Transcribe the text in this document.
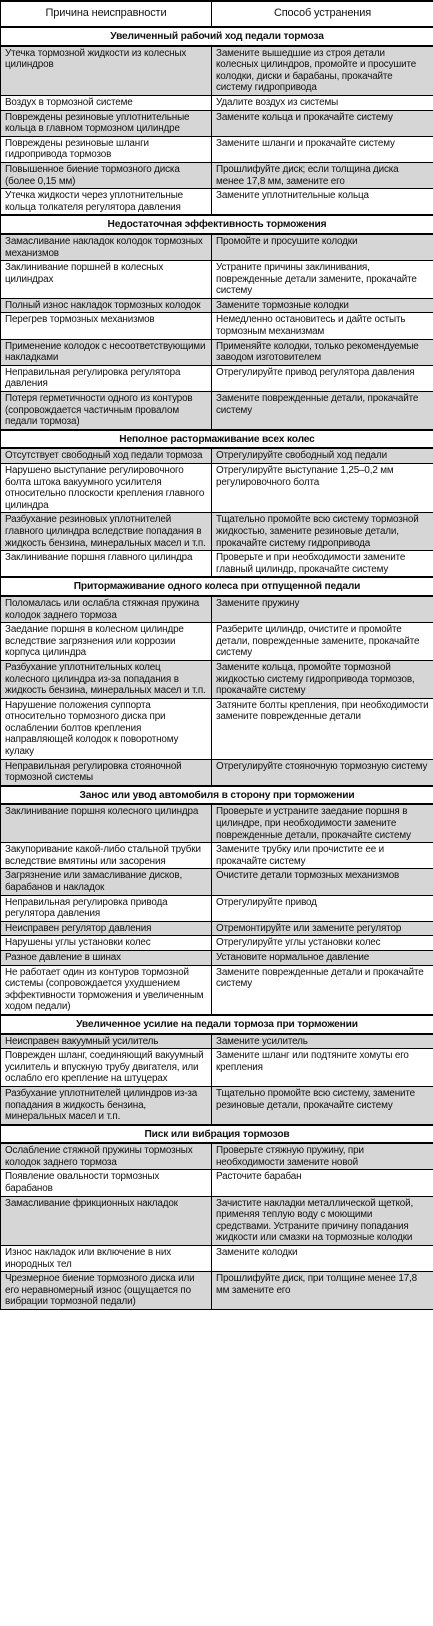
Причина неисправности	Способ устранения
Увеличенный рабочий ход педали тормоза	
Утечка тормозной жидкости из колесных цилиндров	Замените вышедшие из строя детали колесных цилиндров, промойте и просушите колодки, диски и барабаны, прокачайте систему гидропривода
Воздух в тормозной системе	Удалите воздух из системы
Повреждены резиновые уплотнительные кольца в главном тормозном цилиндре	Замените кольца и прокачайте систему
Повреждены резиновые шланги гидропривода тормозов	Замените шланги и прокачайте систему
Повышенное биение тормозного диска (более 0,15 мм)	Прошлифуйте диск; если толщина диска менее 17,8 мм, замените его
Утечка жидкости через уплотнительные кольца толкателя регулятора давления	Замените уплотнительные кольца
Недостаточная эффективность торможения	
Замасливание накладок колодок тормозных механизмов	Промойте и просушите колодки
Заклинивание поршней в колесных цилиндрах	Устраните причины заклинивания, поврежденные детали замените, прокачайте систему
Полный износ накладок тормозных колодок	Замените тормозные колодки
Перегрев тормозных механизмов	Немедленно остановитесь и дайте остыть тормозным механизмам
Применение колодок с несоответствующими накладками	Применяйте колодки, только рекомендуемые заводом изготовителем
Неправильная регулировка регулятора давления	Отрегулируйте привод регулятора давления
Потеря герметичности одного из контуров (сопровождается частичным провалом педали тормоза)	Замените поврежденные детали, прокачайте систему
Неполное растормаживание всех колес	
Отсутствует свободный ход педали тормоза	Отрегулируйте свободный ход педали
Нарушено выступание регулировочного болта штока вакуумного усилителя относительно плоскости крепления главного цилиндра	Отрегулируйте выступание 1,25–0,2 мм регулировочного болта
Разбухание резиновых уплотнителей главного цилиндра вследствие попадания в жидкость бензина, минеральных масел и т.п.	Тщательно промойте всю систему тормозной жидкостью, замените резиновые детали, прокачайте систему гидропривода
Заклинивание поршня главного цилиндра	Проверьте и при необходимости замените главный цилиндр, прокачайте систему
Притормаживание одного колеса при отпущенной педали	
Поломалась или ослабла стяжная пружина колодок заднего тормоза	Замените пружину
Заедание поршня в колесном цилиндре вследствие загрязнения или коррозии корпуса цилиндра	Разберите цилиндр, очистите и промойте детали, поврежденные замените, прокачайте систему
Разбухание уплотнительных колец колесного цилиндра из-за попадания в жидкость бензина, минеральных масел и т.п.	Замените кольца, промойте тормозной жидкостью систему гидропривода тормозов, прокачайте систему
Нарушение положения суппорта относительно тормозного диска при ослаблении болтов крепления направляющей колодок к поворотному кулаку	Затяните болты крепления, при необходимости замените поврежденные детали
Неправильная регулировка стояночной тормозной системы	Отрегулируйте стояночную тормозную систему
Занос или увод автомобиля в сторону при торможении	
Заклинивание поршня колесного цилиндра	Проверьте и устраните заедание поршня в цилиндре, при необходимости замените поврежденные детали, прокачайте систему
Закупоривание какой-либо стальной трубки вследствие вмятины или засорения	Замените трубку или прочистите ее и прокачайте систему
Загрязнение или замасливание дисков, барабанов и накладок	Очистите детали тормозных механизмов
Неправильная регулировка привода регулятора давления	Отрегулируйте привод
Неисправен регулятор давления	Отремонтируйте или замените регулятор
Нарушены углы установки колес	Отрегулируйте углы установки колес
Разное давление в шинах	Установите нормальное давление
Не работает один из контуров тормозной системы (сопровождается ухудшением эффективности торможения и увеличенным ходом педали)	Замените поврежденные детали и прокачайте систему
Увеличенное усилие на педали тормоза при торможении	
Неисправен вакуумный усилитель	Замените усилитель
Поврежден шланг, соединяющий вакуумный усилитель и впускную трубу двигателя, или ослабло его крепление на штуцерах	Замените шланг или подтяните хомуты его крепления
Разбухание уплотнителей цилиндров из-за попадания в жидкость бензина, минеральных масел и т.п.	Тщательно промойте всю систему, замените резиновые детали, прокачайте систему
Писк или вибрация тормозов	
Ослабление стяжной пружины тормозных колодок заднего тормоза	Проверьте стяжную пружину, при необходимости замените новой
Появление овальности тормозных барабанов	Расточите барабан
Замасливание фрикционных накладок	Зачистите накладки металлической щеткой, применяя теплую воду с моющими средствами. Устраните причину попадания жидкости или смазки на тормозные колодки
Износ накладок или включение в них инородных тел	Замените колодки
Чрезмерное биение тормозного диска или его неравномерный износ (ощущается по вибрации тормозной педали)	Прошлифуйте диск, при толщине менее 17,8 мм замените его
